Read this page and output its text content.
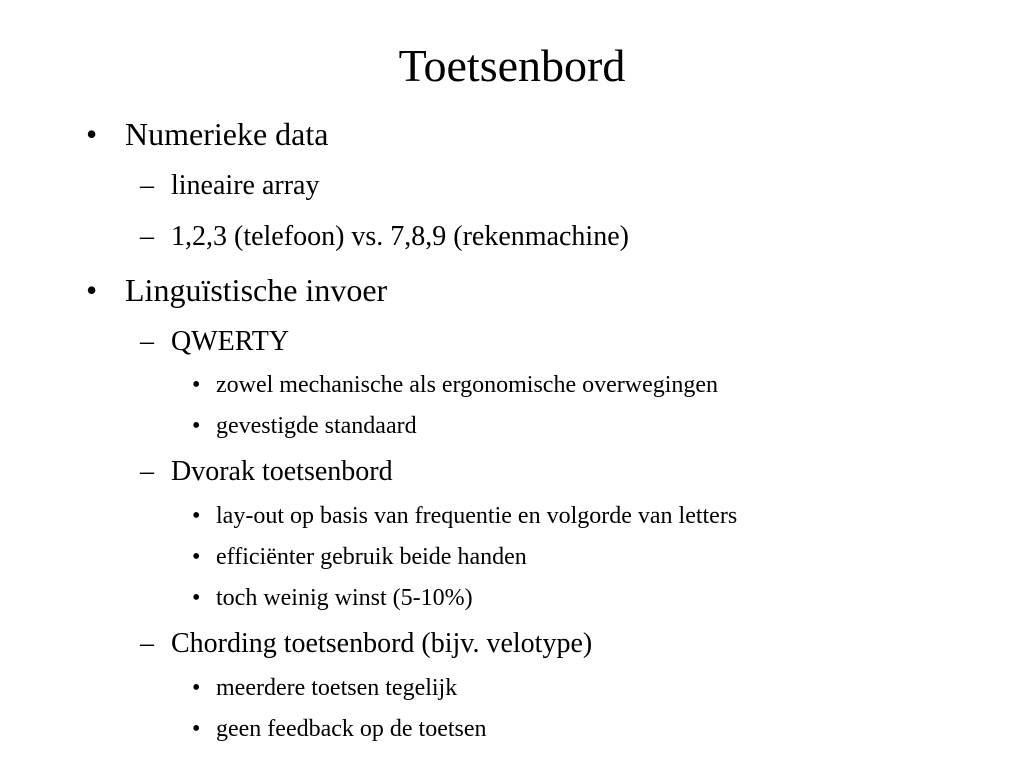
Toetsenbord
• Numerieke data
– lineaire array
– 1,2,3 (telefoon) vs. 7,8,9 (rekenmachine)
• Linguïstische invoer
– QWERTY
• zowel mechanische als ergonomische overwegingen
• gevestigde standaard
– Dvorak toetsenbord
• lay-out op basis van frequentie en volgorde van letters
• efficiënter gebruik beide handen
• toch weinig winst (5-10%)
– Chording toetsenbord (bijv. velotype)
• meerdere toetsen tegelijk
• geen feedback op de toetsen
